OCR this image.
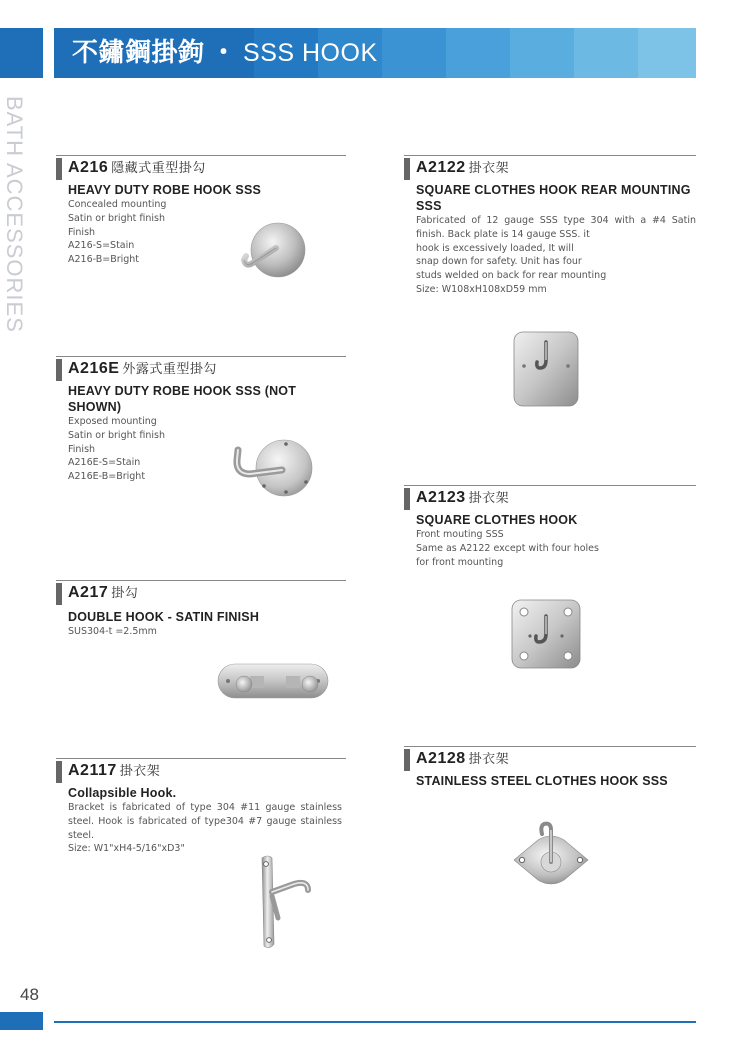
不鏽鋼掛鉤 ・ SSS HOOK
BATH ACCESSORIES	A216 隱藏式重型掛勾
HEAVY DUTY ROBE HOOK SSS
Concealed mounting
Satin or bright finish
Finish
A216-S=Stain
A216-B=Bright
A2122 掛衣架
SQUARE CLOTHES HOOK REAR MOUNTING SSS
Fabricated of 12 gauge SSS type 304 with a #4 Satin finish. Back plate is 14 gauge SSS. it
hook is excessively loaded, It will
snap down for safety. Unit has four
studs welded on back for rear mounting
Size: W108xH108xD59 mm
A216E 外露式重型掛勾
HEAVY DUTY ROBE HOOK SSS (NOT SHOWN)
Exposed mounting
Satin or bright finish
Finish
A216E-S=Stain
A216E-B=Bright
A2123 掛衣架
SQUARE CLOTHES HOOK
Front mouting SSS
Same as A2122 except with four holes
for front mounting
A217 掛勾
DOUBLE HOOK - SATIN FINISH
SUS304-t =2.5mm
A2117 掛衣架
Collapsible Hook.
Bracket is fabricated of type 304 #11 gauge stainless steel. Hook is fabricated of type304 #7 gauge stainless steel.
Size: W1"xH4-5/16"xD3"
A2128 掛衣架
STAINLESS STEEL CLOTHES HOOK SSS
48
